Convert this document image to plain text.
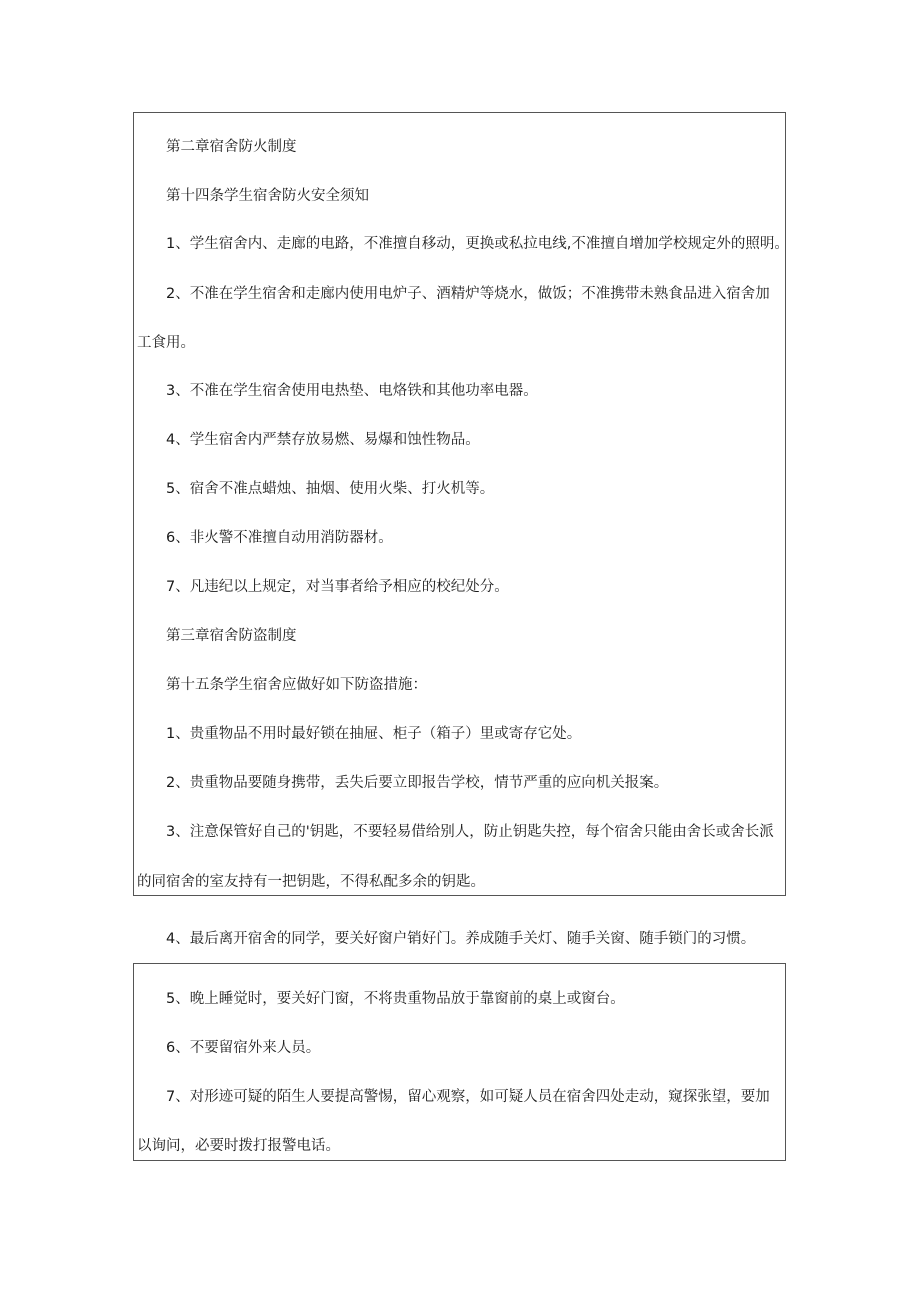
第二章宿舍防火制度
第十四条学生宿舍防火安全须知
1、学生宿舍内、走廊的电路，不准擅自移动，更换或私拉电线,不准擅自增加学校规定外的照明。
2、不准在学生宿舍和走廊内使用电炉子、酒精炉等烧水，做饭；不准携带未熟食品进入宿舍加
工食用。
3、不准在学生宿舍使用电热垫、电烙铁和其他功率电器。
4、学生宿舍内严禁存放易燃、易爆和蚀性物品。
5、宿舍不准点蜡烛、抽烟、使用火柴、打火机等。
6、非火警不准擅自动用消防器材。
7、凡违纪以上规定，对当事者给予相应的校纪处分。
第三章宿舍防盗制度
第十五条学生宿舍应做好如下防盗措施：
1、贵重物品不用时最好锁在抽屉、柜子（箱子）里或寄存它处。
2、贵重物品要随身携带，丢失后要立即报告学校，情节严重的应向机关报案。
3、注意保管好自己的'钥匙，不要轻易借给别人，防止钥匙失控，每个宿舍只能由舍长或舍长派
的同宿舍的室友持有一把钥匙，不得私配多余的钥匙。
4、最后离开宿舍的同学，要关好窗户销好门。养成随手关灯、随手关窗、随手锁门的习惯。
5、晚上睡觉时，要关好门窗，不将贵重物品放于靠窗前的桌上或窗台。
6、不要留宿外来人员。
7、对形迹可疑的陌生人要提高警惕，留心观察，如可疑人员在宿舍四处走动，窥探张望，要加
以询问，必要时拨打报警电话。
